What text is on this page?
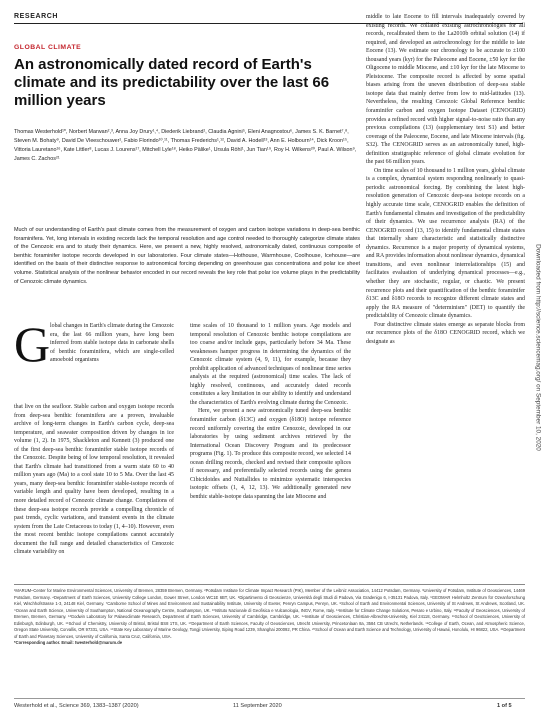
RESEARCH
GLOBAL CLIMATE
An astronomically dated record of Earth's climate and its predictability over the last 66 million years
Thomas Westerhold¹*, Norbert Marwan²,³, Anna Joy Drury¹,⁴, Diederik Liebrand¹, Claudia Agnini⁵, Eleni Anagnostou⁶, James S. K. Barnet⁷,⁸, Steven M. Bohaty⁹, David De Vleeschouwer¹, Fabio Florindo¹⁰,¹¹, Thomas Frederichs¹,¹², David A. Hodell¹³, Ann E. Holbourn¹⁴, Dick Kroon¹⁵, Vittoria Lauretano¹⁶, Kate Littler⁸, Lucas J. Lourens¹⁷, Mitchell Lyle¹⁸, Heiko Pälike¹, Ursula Röhl¹, Jun Tian¹⁹, Roy H. Wilkens²⁰, Paul A. Wilson⁹, James C. Zachos²¹
Much of our understanding of Earth's past climate comes from the measurement of oxygen and carbon isotope variations in deep-sea benthic foraminifera. Yet, long intervals in existing records lack the temporal resolution and age control needed to thoroughly categorize climate states of the Cenozoic era and to study their dynamics. Here, we present a new, highly resolved, astronomically dated, continuous composite of benthic foraminifer isotope records developed in our laboratories. Four climate states—Hothouse, Warmhouse, Coolhouse, Icehouse—are identified on the basis of their distinctive response to astronomical forcing depending on greenhouse gas concentrations and polar ice sheet volume. Statistical analysis of the nonlinear behavior encoded in our record reveals the key role that polar ice volume plays in the predictability of Cenozoic climate dynamics.
G lobal changes in Earth's climate during the Cenozoic era, the last 66 million years, have long been inferred from stable isotope data in carbonate shells of benthic foraminifera, which are single-celled amoeboid organisms
that live on the seafloor. Stable carbon and oxygen isotope records from deep-sea benthic foraminifera are a proven, invaluable archive of long-term changes in Earth's carbon cycle, deep-sea temperature, and seawater composition driven by changes in ice volume (1, 2). In 1975, Shackleton and Kennett (3) produced one of the first deep-sea benthic foraminifer stable isotope records of the Cenozoic. Despite being of low temporal resolution, it revealed that Earth's climate had transitioned from a warm state 60 to 40 million years ago (Ma) to a cool state 10 to 5 Ma. Over the last 45 years, many deep-sea benthic foraminifer stable-isotope records of variable length and quality have been developed, resulting in a more detailed record of Cenozoic climate change. Compilations of these deep-sea isotope records provide a compelling chronicle of past trends, cyclic variations, and transient events in the climate system from the Late Cretaceous to today (1, 4–10). However, even the most recent benthic isotope compilations cannot accurately document the full range and detailed characteristics of Cenozoic climate variability on

time scales of 10 thousand to 1 million years. Age models and temporal resolution of Cenozoic benthic isotope compilations are too coarse and/or include gaps, particularly before 34 Ma. These weaknesses hamper progress in determining the dynamics of the Cenozoic climate system (4, 9, 11), for example, because they prohibit application of advanced techniques of nonlinear time series analysis at the required (astronomical) time scales. The lack of highly resolved, continuous, and accurately dated records constitutes a key limitation in our ability to identify and understand the characteristics of Earth's evolving climate during the Cenozoic.

Here, we present a new astronomically tuned deep-sea benthic foraminifer carbon (δ13C) and oxygen (δ18O) isotope reference record uniformly covering the entire Cenozoic, developed in our laboratories by using sediment archives retrieved by the International Ocean Discovery Program and its predecessor programs (Fig. 1). To produce this composite record, we selected 14 ocean drilling records, checked and revised their composite splices if necessary, and preferentially selected records using the genera Cibicidoides and Nuttallides to minimize systematic interspecies isotopic offsets (1, 4, 12, 13). We additionally generated new benthic stable-isotope data spanning the late Miocene and

middle to late Eocene to fill intervals inadequately covered by existing records. We collated existing astrochronologies for all records, recalibrated them to the La2010b orbital solution (14) if required, and developed an astrochronology for the middle to late Eocene (13). We estimate our chronology to be accurate to ±100 thousand years (kyr) for the Paleocene and Eocene, ±50 kyr for the Oligocene to middle Miocene, and ±10 kyr for the late Miocene to Pleistocene. The composite record is affected by some spatial biases arising from the uneven distribution of deep-sea stable isotope data that mainly derive from low to mid-latitudes (13). Nevertheless, the resulting Cenozoic Global Reference benthic foraminifer carbon and oxygen Isotope Dataset (CENOGRID) provides a refined record with higher signal-to-noise ratio than any previous compilations (13) (supplementary text S1) and better coverage of the Paleocene, Eocene, and late Miocene intervals (fig. S32). The CENOGRID serves as an astronomically tuned, high-definition stratigraphic reference of global climate evolution for the past 66 million years.

On time scales of 10 thousand to 1 million years, global climate is a complex, dynamical system responding nonlinearly to quasi-periodic astronomical forcing. By combining the latest high-resolution generation of Cenozoic deep-sea isotope records on a highly accurate time scale, CENOGRID enables the definition of Earth's fundamental climates and investigation of the predictability of their dynamics. We use recurrence analysis (RA) of the CENOGRID record (13, 15) to identify fundamental climate states that internally share characteristic and statistically distinctive dynamics. Recurrence is a major property of dynamical systems, and RA provides information about nonlinear dynamics, dynamical transitions, and even nonlinear interrelationships (15) and facilitates evaluation of underlying dynamical processes—e.g., whether they are stochastic, regular, or chaotic. We present recurrence plots and their quantification of the benthic foraminifer δ13C and δ18O records to recognize different climate states and apply the RA measure of "determinism" (DET) to quantify the predictability of Cenozoic climate dynamics.

Four distinctive climate states emerge as separate blocks from our recurrence plots of the δ18O CENOGRID record, which we designate as

¹MARUM–Center for Marine Environmental Sciences, University of Bremen, 28359 Bremen, Germany. ²Potsdam Institute for Climate Impact Research (PIK), Member of the Leibniz Association, 14412 Potsdam, Germany. ³University of Potsdam, Institute of Geosciences, 14469 Potsdam, Germany. ⁴Department of Earth Sciences, University College London, Gower Street, London WC1E 6BT, UK. ⁵Dipartimento di Geoscienze, Università degli Studi di Padova, Via Gradenigo 6, I-35131 Padova, Italy. ⁶GEOMAR Helmholtz Zentrum für Ozeanforschung Kiel, Wischhofstrasse 1-3, 24148 Kiel, Germany. ⁷Camborne School of Mines and Environment and Sustainability Institute, University of Exeter, Penryn Campus, Penryn, UK. ⁸School of Earth and Environmental Sciences, University of St Andrews, St Andrews, Scotland, UK. ⁹Ocean and Earth Science, University of Southampton, National Oceanography Centre, Southampton, UK. ¹⁰Istituto Nazionale di Geofisica e Vulcanologia, INGV, Rome, Italy. ¹¹Institute for Climate Change Solutions, Pesaro e Urbino, Italy. ¹²Faculty of Geosciences, University of Bremen, Bremen, Germany. ¹³Godwin Laboratory for Palaeoclimate Research, Department of Earth Sciences, University of Cambridge, Cambridge, UK. ¹⁴Institute of Geosciences, Christian-Albrechts-University, Kiel 24118, Germany. ¹⁵School of GeoSciences, University of Edinburgh, Edinburgh, UK. ¹⁶School of Chemistry, University of Bristol, Bristol BS8 1TS, UK. ¹⁷Department of Earth Sciences, Faculty of Geosciences, Utrecht University, Princetonlaan 8a, 3584 CB Utrecht, Netherlands. ¹⁸College of Earth, Ocean, and Atmospheric Science, Oregon State University, Corvallis, OR 97331, USA. ¹⁹State Key Laboratory of Marine Geology, Tongji University, Siping Road 1239, Shanghai 200092, PR China. ²⁰School of Ocean and Earth Science and Technology, University of Hawaii, Honolulu, HI 96822, USA. ²¹Department of Earth and Planetary Sciences, University of California, Santa Cruz, California, USA.

*Corresponding author. Email: twesterhold@marum.de

Westerhold et al., Science 369, 1383–1387 (2020)	11 September 2020	1 of 5
Downloaded from http://science.sciencemag.org/ on September 10, 2020
